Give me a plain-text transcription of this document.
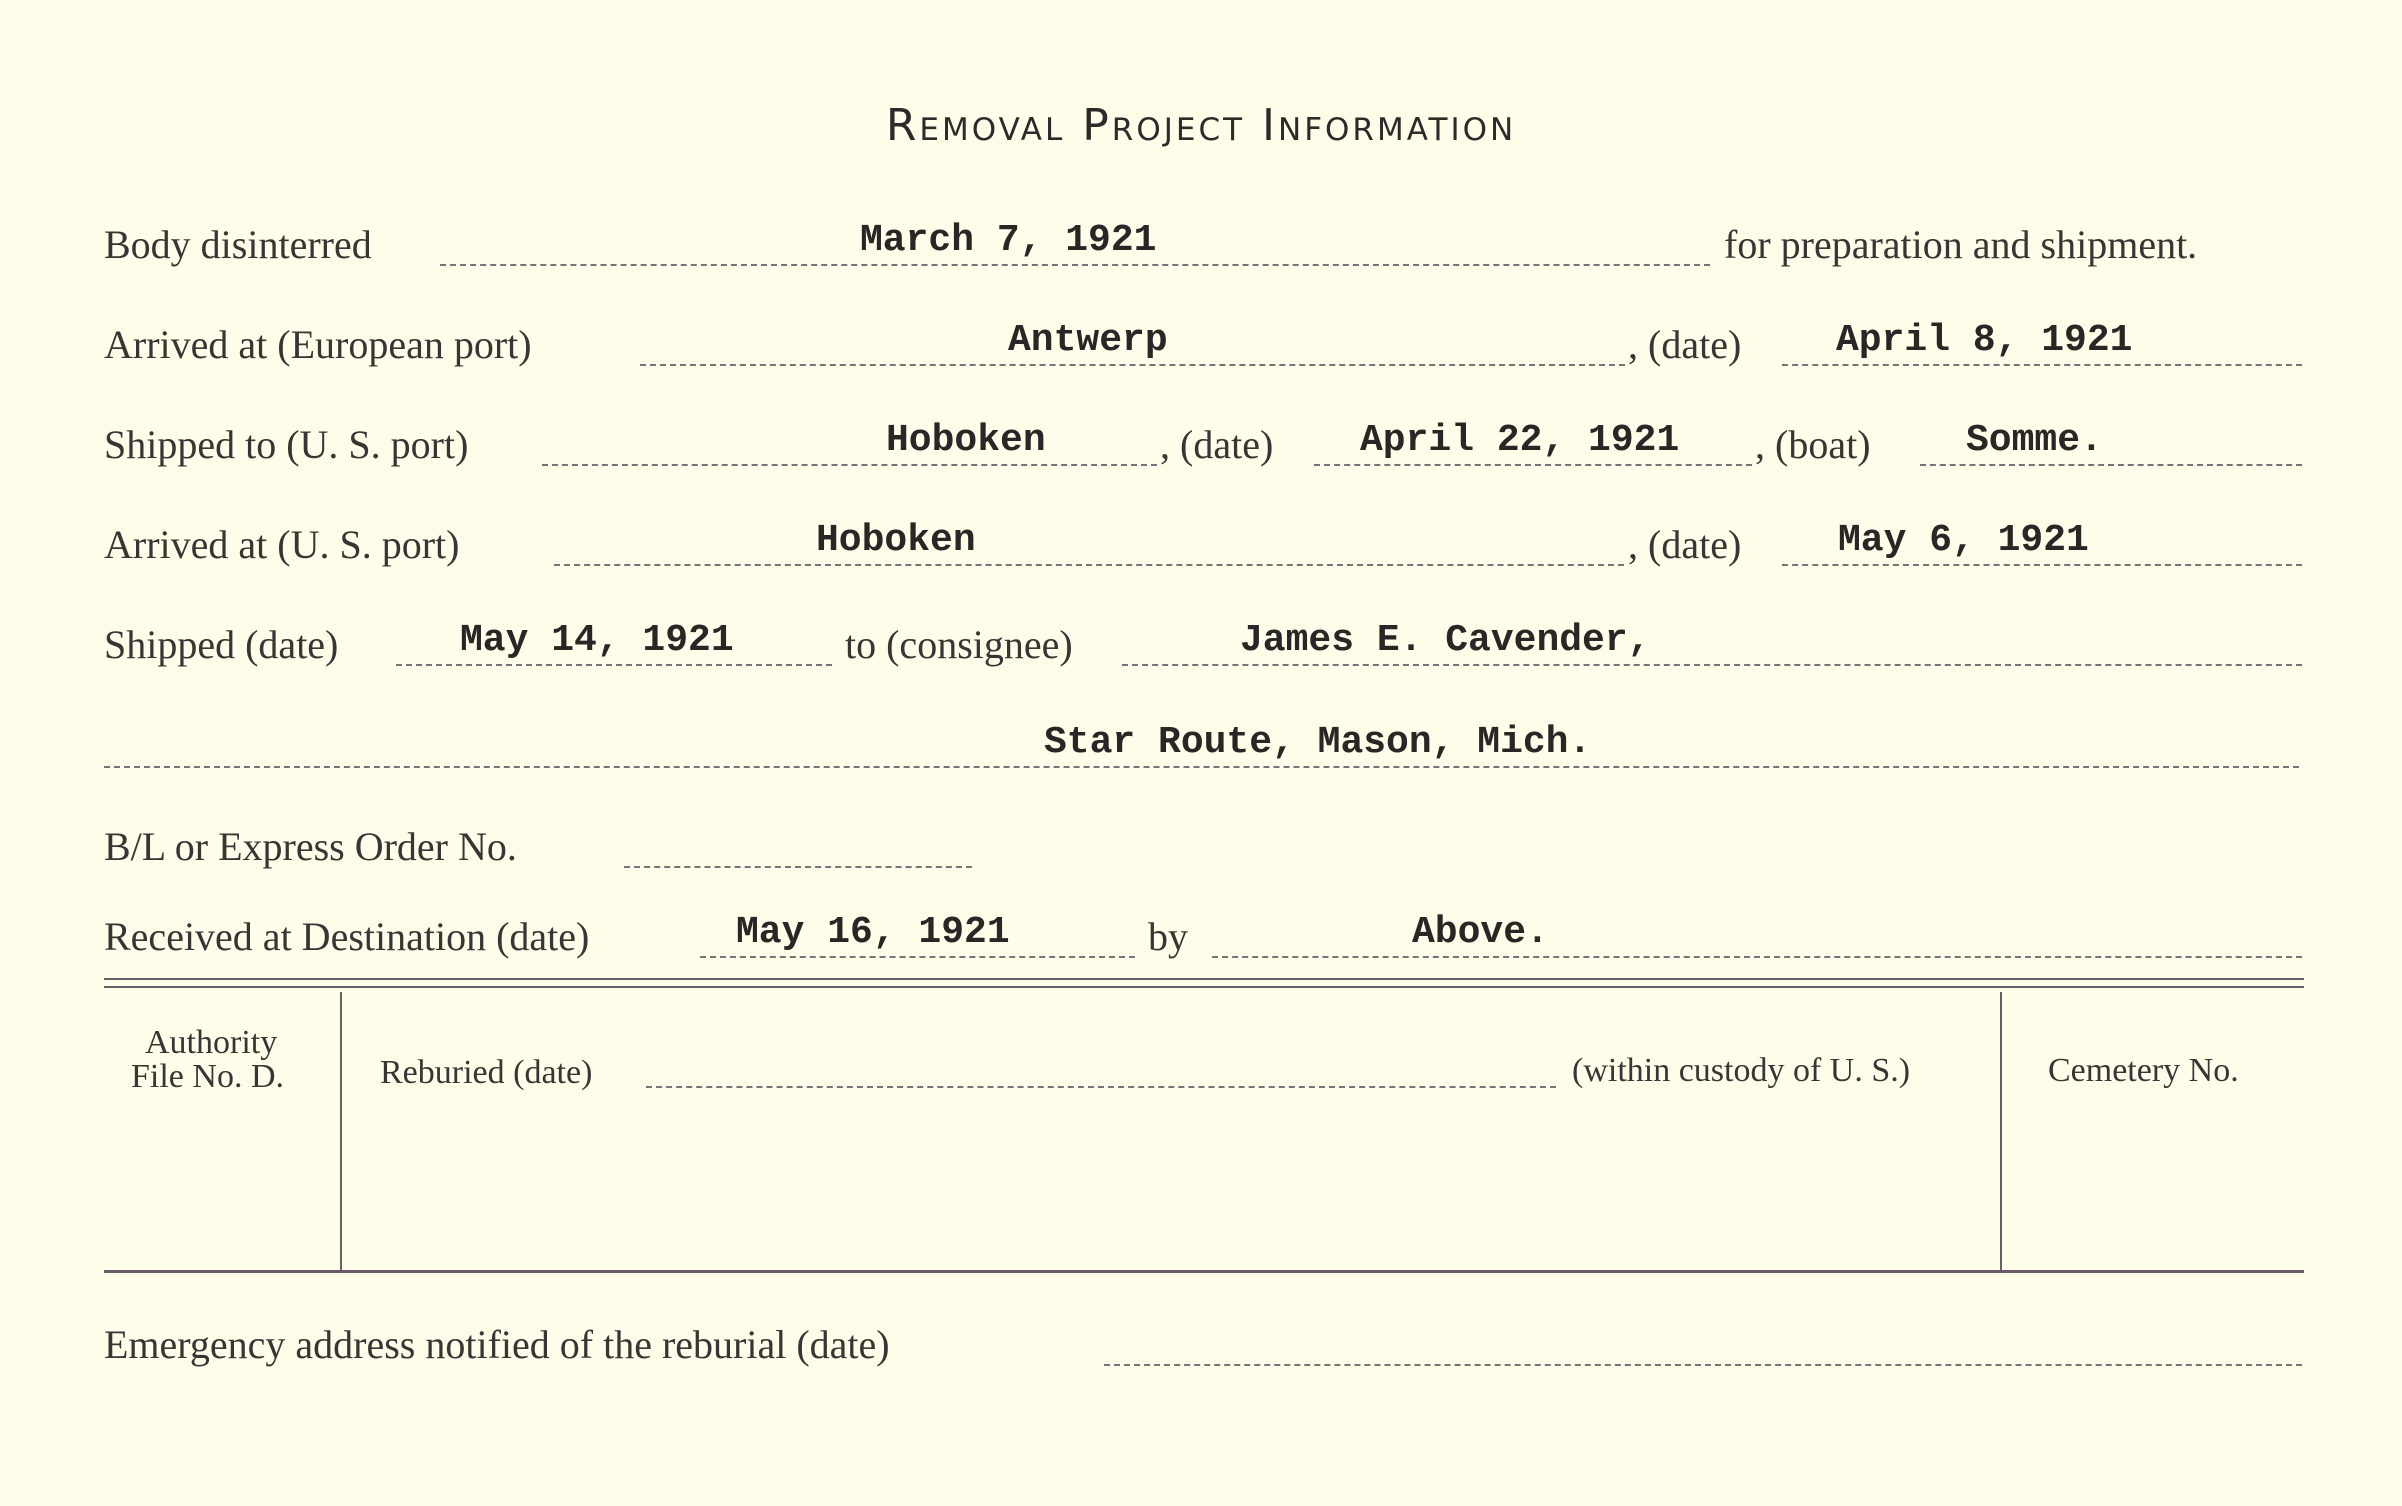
Removal Project Information
Body disinterred	March 7, 1921	for preparation and shipment.
Arrived at (European port)	Antwerp	, (date) April 8, 1921
Shipped to (U. S. port)	Hoboken	, (date) April 22, 1921 , (boat)	Somme.
Arrived at (U. S. port)	Hoboken	, (date)	May 6, 1921
Shipped (date)	May 14, 1921	to (consignee)	James E. Cavender,
Star Route, Mason, Mich.
B/L or Express Order No.
Received at Destination (date)	May 16, 1921	by	Above.
Authority
File No. D.	Reburied (date)	(within custody of U. S.)	Cemetery No.
Emergency address notified of the reburial (date)
